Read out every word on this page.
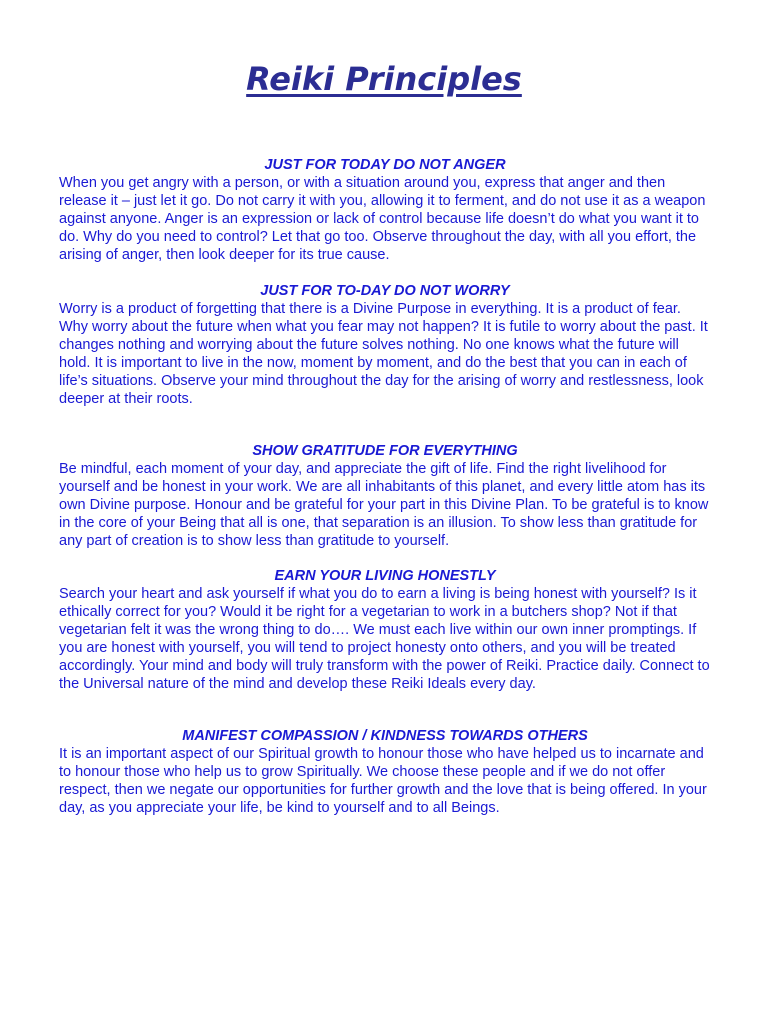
Reiki Principles

JUST FOR TODAY DO NOT ANGER

When you get angry with a person, or with a situation around you, express that anger and then release it – just let it go. Do not carry it with you, allowing it to ferment, and do not use it as a weapon against anyone. Anger is an expression or lack of control because life doesn’t do what you want it to do. Why do you need to control? Let that go too. Observe throughout the day, with all you effort, the arising of anger, then look deeper for its true cause.

JUST FOR TO-DAY DO NOT WORRY

Worry is a product of forgetting that there is a Divine Purpose in everything. It is a product of fear. Why worry about the future when what you fear may not happen? It is futile to worry about the past. It changes nothing and worrying about the future solves nothing. No one knows what the future will hold. It is important to live in the now, moment by moment, and do the best that you can in each of life’s situations. Observe your mind throughout the day for the arising of worry and restlessness, look deeper at their roots.

SHOW GRATITUDE FOR EVERYTHING

Be mindful, each moment of your day, and appreciate the gift of life. Find the right livelihood for yourself and be honest in your work. We are all inhabitants of this planet, and every little atom has its own Divine purpose. Honour and be grateful for your part in this Divine Plan. To be grateful is to know in the core of your Being that all is one, that separation is an illusion. To show less than gratitude for any part of creation is to show less than gratitude to yourself.

EARN YOUR LIVING HONESTLY

Search your heart and ask yourself if what you do to earn a living is being honest with yourself? Is it ethically correct for you? Would it be right for a vegetarian to work in a butchers shop? Not if that vegetarian felt it was the wrong thing to do…. We must each live within our own inner promptings. If you are honest with yourself, you will tend to project honesty onto others, and you will be treated accordingly. Your mind and body will truly transform with the power of Reiki. Practice daily. Connect to the Universal nature of the mind and develop these Reiki Ideals every day.

MANIFEST COMPASSION / KINDNESS TOWARDS OTHERS

It is an important aspect of our Spiritual growth to honour those who have helped us to incarnate and to honour those who help us to grow Spiritually. We choose these people and if we do not offer respect, then we negate our opportunities for further growth and the love that is being offered. In your day, as you appreciate your life, be kind to yourself and to all Beings.
